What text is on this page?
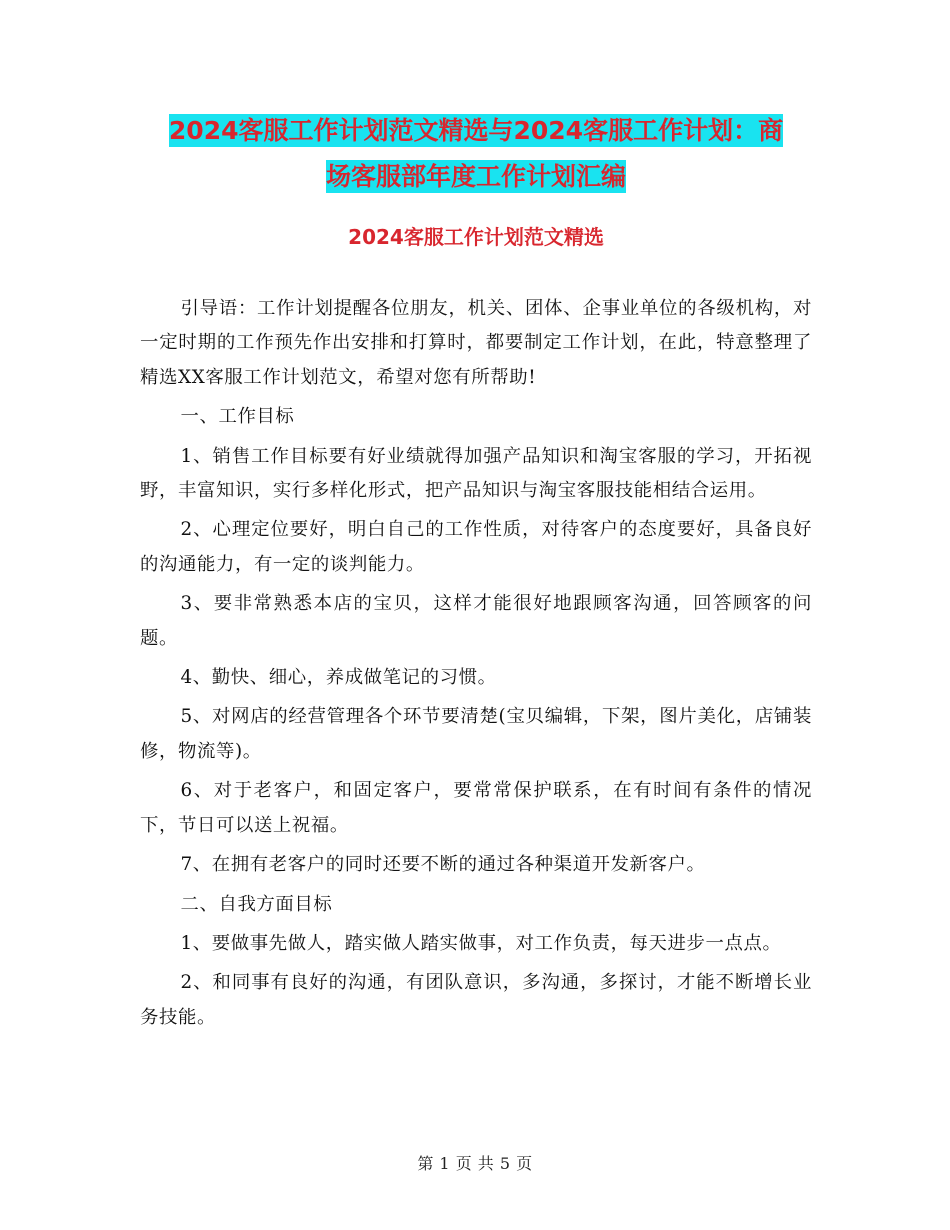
2024客服工作计划范文精选与2024客服工作计划：商
场客服部年度工作计划汇编
2024客服工作计划范文精选

引导语：工作计划提醒各位朋友，机关、团体、企事业单位的各级机构，对一定时期的工作预先作出安排和打算时，都要制定工作计划，在此，特意整理了精选XX客服工作计划范文，希望对您有所帮助!

一、工作目标

1、销售工作目标要有好业绩就得加强产品知识和淘宝客服的学习，开拓视野，丰富知识，实行多样化形式，把产品知识与淘宝客服技能相结合运用。

2、心理定位要好，明白自己的工作性质，对待客户的态度要好，具备良好的沟通能力，有一定的谈判能力。

3、要非常熟悉本店的宝贝，这样才能很好地跟顾客沟通，回答顾客的问题。

4、勤快、细心，养成做笔记的习惯。

5、对网店的经营管理各个环节要清楚(宝贝编辑，下架，图片美化，店铺装修，物流等)。

6、对于老客户，和固定客户，要常常保护联系，在有时间有条件的情况下，节日可以送上祝福。

7、在拥有老客户的同时还要不断的通过各种渠道开发新客户。

二、自我方面目标

1、要做事先做人，踏实做人踏实做事，对工作负责，每天进步一点点。

2、和同事有良好的沟通，有团队意识，多沟通，多探讨，才能不断增长业务技能。

第 1 页 共 5 页
